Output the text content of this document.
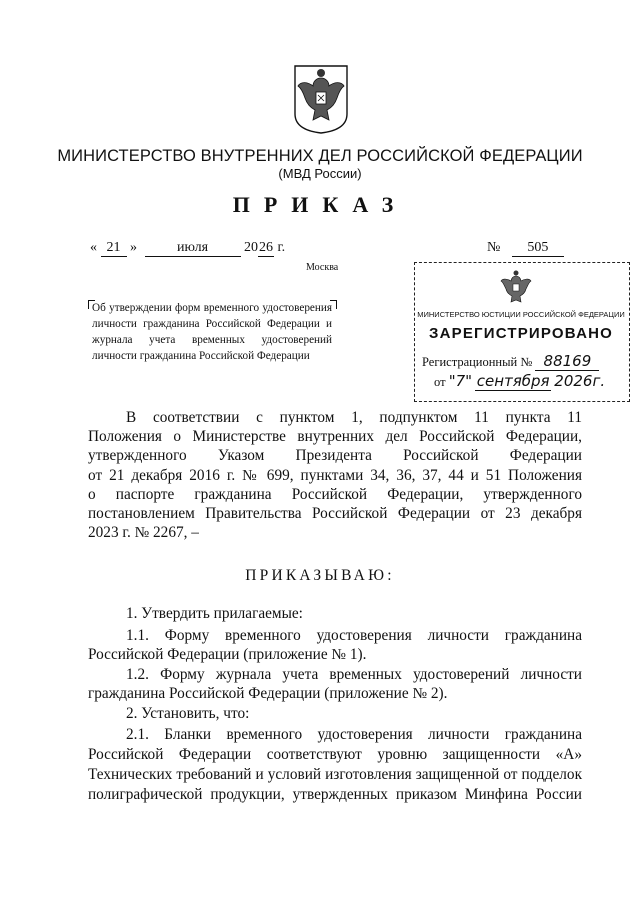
МИНИСТЕРСТВО ВНУТРЕННИХ ДЕЛ РОССИЙСКОЙ ФЕДЕРАЦИИ
(МВД России)
ПРИКАЗ
« 21 »	июля	2026 г.	№ 505
Москва
Об утверждении форм временного удостоверения личности гражданина Российской Федерации и журнала учета временных удостоверений личности гражданина Российской Федерации
МИНИСТЕРСТВО ЮСТИЦИИ РОССИЙСКОЙ ФЕДЕРАЦИИ
ЗАРЕГИСТРИРОВАНО
Регистрационный № 88169
от "7" сентября 2026г.
В соответствии с пунктом 1, подпунктом 11 пункта 11
Положения о Министерстве внутренних дел Российской Федерации,
утвержденного Указом Президента Российской Федерации
от 21 декабря 2016 г. № 699, пунктами 34, 36, 37, 44 и 51 Положения
о паспорте гражданина Российской Федерации, утвержденного
постановлением Правительства Российской Федерации от 23 декабря
2023 г. № 2267, –
ПРИКАЗЫВАЮ:
1. Утвердить прилагаемые:
1.1. Форму временного удостоверения личности гражданина
Российской Федерации (приложение № 1).
1.2. Форму журнала учета временных удостоверений личности
гражданина Российской Федерации (приложение № 2).
2. Установить, что:
2.1. Бланки временного удостоверения личности гражданина
Российской Федерации соответствуют уровню защищенности «А»
Технических требований и условий изготовления защищенной от подделок
полиграфической продукции, утвержденных приказом Минфина России
